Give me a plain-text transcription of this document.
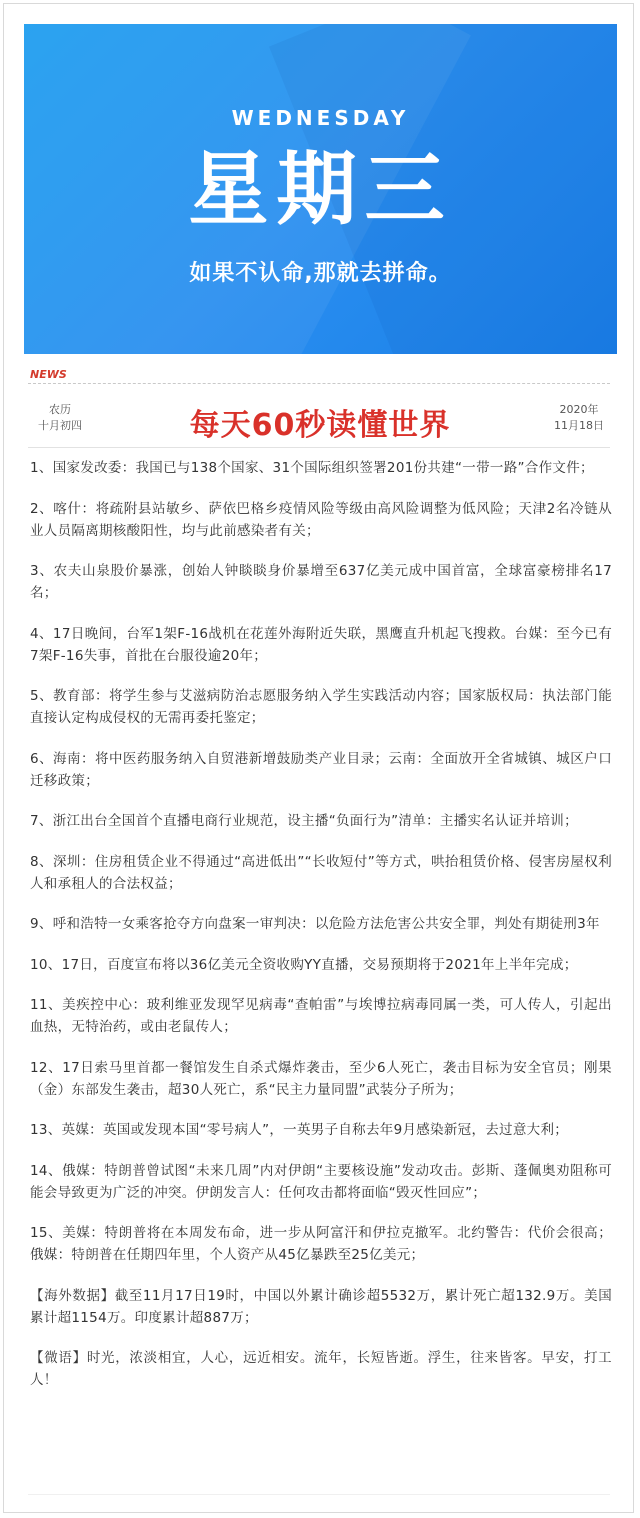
WEDNESDAY
星期三
如果不认命,那就去拼命。
NEWS
农历
十月初四	每天60秒读懂世界	2020年
11月18日
1、国家发改委：我国已与138个国家、31个国际组织签署201份共建“一带一路”合作文件；
2、喀什：将疏附县站敏乡、萨依巴格乡疫情风险等级由高风险调整为低风险；天津2名冷链从业人员隔离期核酸阳性，均与此前感染者有关；
3、农夫山泉股价暴涨，创始人钟睒睒身价暴增至637亿美元成中国首富，全球富豪榜排名17名；
4、17日晚间，台军1架F-16战机在花莲外海附近失联，黑鹰直升机起飞搜救。台媒：至今已有7架F-16失事，首批在台服役逾20年；
5、教育部：将学生参与艾滋病防治志愿服务纳入学生实践活动内容；国家版权局：执法部门能直接认定构成侵权的无需再委托鉴定；
6、海南：将中医药服务纳入自贸港新增鼓励类产业目录；云南：全面放开全省城镇、城区户口迁移政策；
7、浙江出台全国首个直播电商行业规范，设主播“负面行为”清单：主播实名认证并培训；
8、深圳：住房租赁企业不得通过“高进低出”“长收短付”等方式，哄抬租赁价格、侵害房屋权利人和承租人的合法权益；
9、呼和浩特一女乘客抢夺方向盘案一审判决：以危险方法危害公共安全罪，判处有期徒刑3年
10、17日，百度宣布将以36亿美元全资收购YY直播，交易预期将于2021年上半年完成；
11、美疾控中心：玻利维亚发现罕见病毒“查帕雷”与埃博拉病毒同属一类，可人传人，引起出血热，无特治药，或由老鼠传人；
12、17日索马里首都一餐馆发生自杀式爆炸袭击，至少6人死亡，袭击目标为安全官员；刚果（金）东部发生袭击，超30人死亡，系“民主力量同盟”武装分子所为；
13、英媒：英国或发现本国“零号病人”，一英男子自称去年9月感染新冠，去过意大利；
14、俄媒：特朗普曾试图“未来几周”内对伊朗“主要核设施”发动攻击。彭斯、蓬佩奥劝阻称可能会导致更为广泛的冲突。伊朗发言人：任何攻击都将面临“毁灭性回应”；
15、美媒：特朗普将在本周发布命，进一步从阿富汗和伊拉克撤军。北约警告：代价会很高；俄媒：特朗普在任期四年里，个人资产从45亿暴跌至25亿美元；
【海外数据】截至11月17日19时，中国以外累计确诊超5532万，累计死亡超132.9万。美国累计超1154万。印度累计超887万；
【微语】时光，浓淡相宜，人心，远近相安。流年，长短皆逝。浮生，往来皆客。早安，打工人！
